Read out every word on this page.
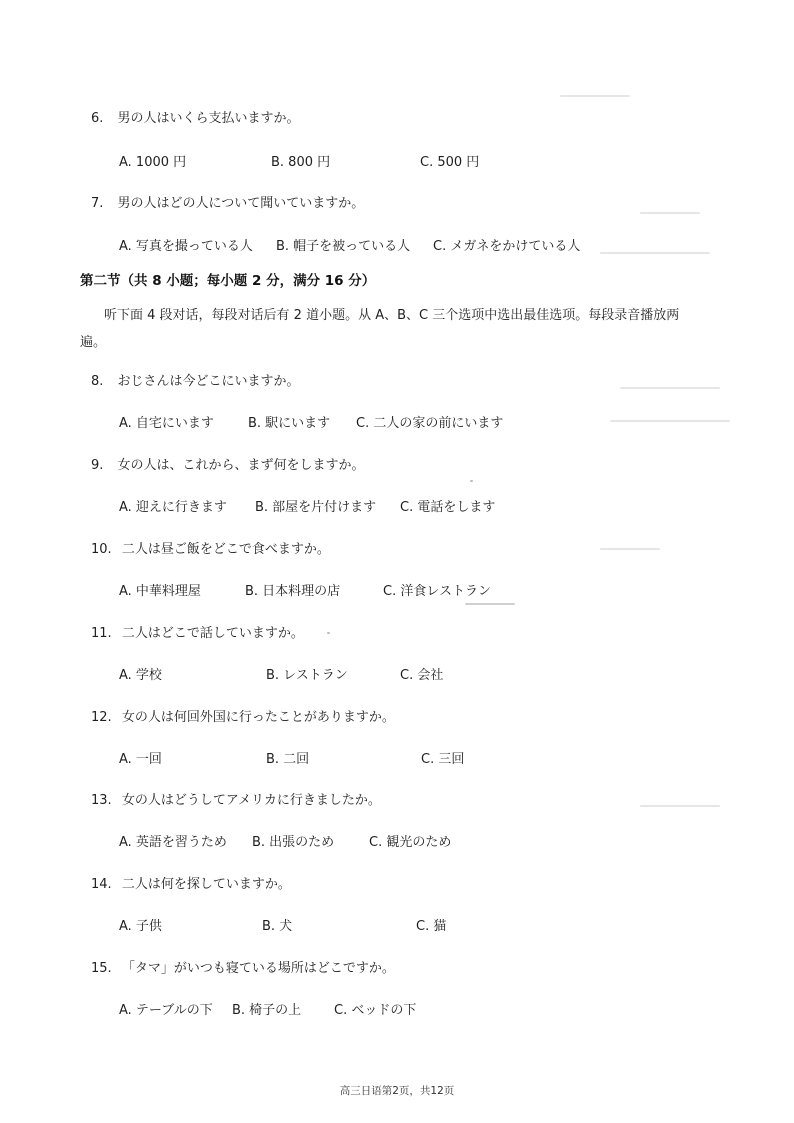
6. 男の人はいくら支払いますか。
A. 1000 円	B. 800 円	C. 500 円
7. 男の人はどの人について聞いていますか。
A. 写真を撮っている人 B. 帽子を被っている人 C. メガネをかけている人
第二节（共 8 小题；每小题 2 分，满分 16 分）
听下面 4 段对话，每段对话后有 2 道小题。从 A、B、C 三个选项中选出最佳选项。每段录音播放两
遍。
8. おじさんは今どこにいますか。
A. 自宅にいます	B. 駅にいます C. 二人の家の前にいます
9. 女の人は、これから、まず何をしますか。
A. 迎えに行きます B. 部屋を片付けます C. 電話をします
10. 二人は昼ご飯をどこで食べますか。
A. 中華料理屋	B. 日本料理の店	C. 洋食レストラン
11. 二人はどこで話していますか。
A. 学校	B. レストラン	C. 会社
12. 女の人は何回外国に行ったことがありますか。
A. 一回	B. 二回	C. 三回
13. 女の人はどうしてアメリカに行きましたか。
A. 英語を習うため B. 出張のため	C. 観光のため
14. 二人は何を探していますか。
A. 子供	B. 犬	C. 猫
15. 「タマ」がいつも寝ている場所はどこですか。
A. テーブルの下 B. 椅子の上	C. ベッドの下
高三日语第2页，共12页
